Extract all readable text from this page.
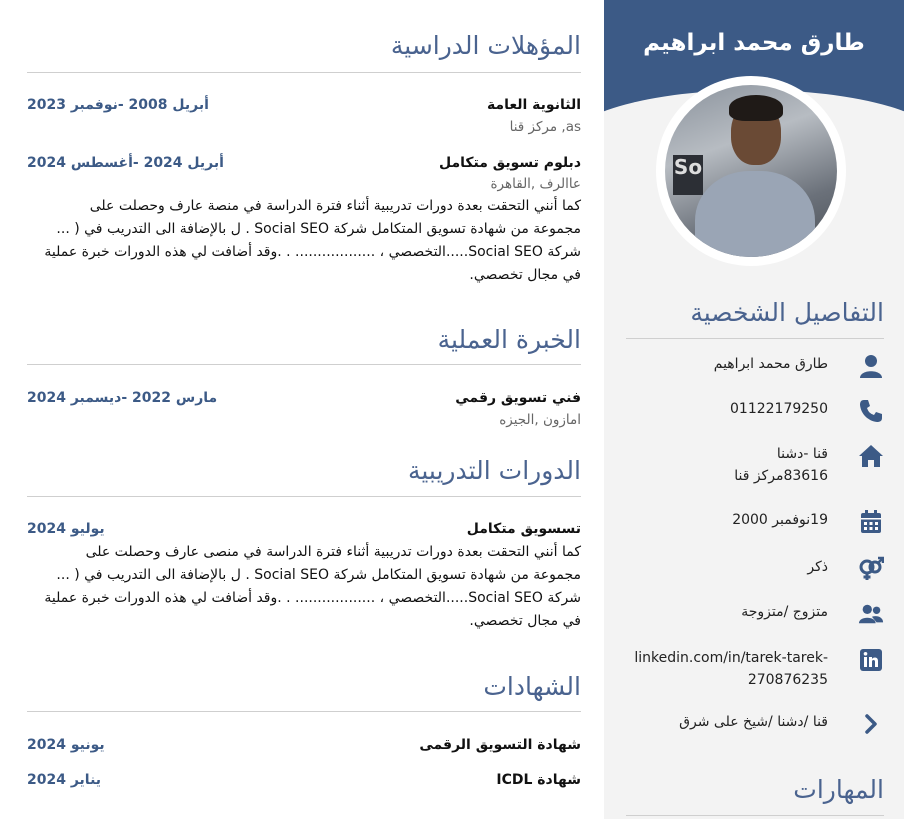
المؤهلات الدراسية
الثانوية العامة
أبريل 2008 -نوفمبر 2023
as, مركز قنا
دبلوم تسويق متكامل
أبريل 2024 -أغسطس 2024
عاالرف ,القاهرة
كما أنني التحقت بعدة دورات تدريبية أثناء فترة الدراسة في منصة عارف وحصلت على
مجموعة من شهادة تسويق المتكامل شركة Social SEO . ل بالإضافة الى التدريب في ( ...
شركة Social SEO.....التخصصي ، .................. . .وقد أضافت لي هذه الدورات خبرة عملية
في مجال تخصصي.
الخبرة العملية
فني تسويق رقمي
مارس 2022 -ديسمبر 2024
امازون ,الجيزه
الدورات التدريبية
تسسويق متكامل
يوليو 2024
كما أنني التحقت بعدة دورات تدريبية أثناء فترة الدراسة في منصى عارف وحصلت على
مجموعة من شهادة تسويق المتكامل شركة Social SEO . ل بالإضافة الى التدريب في ( ...
شركة Social SEO.....التخصصي ، .................. . .وقد أضافت لي هذه الدورات خبرة عملية
في مجال تخصصي.
الشهادات
شهادة التسويق الرقمى
يونيو 2024
شهادة ICDL
يناير 2024
طارق محمد ابراهيم
So
التفاصيل الشخصية
طارق محمد ابراهيم
01122179250
قنا -دشنا
83616مركز قنا
19نوفمبر 2000
ذكر
متزوج /متزوجة
linkedin.com/in/tarek-tarek-
270876235
قنا /دشنا /شيخ على شرق
المهارات
